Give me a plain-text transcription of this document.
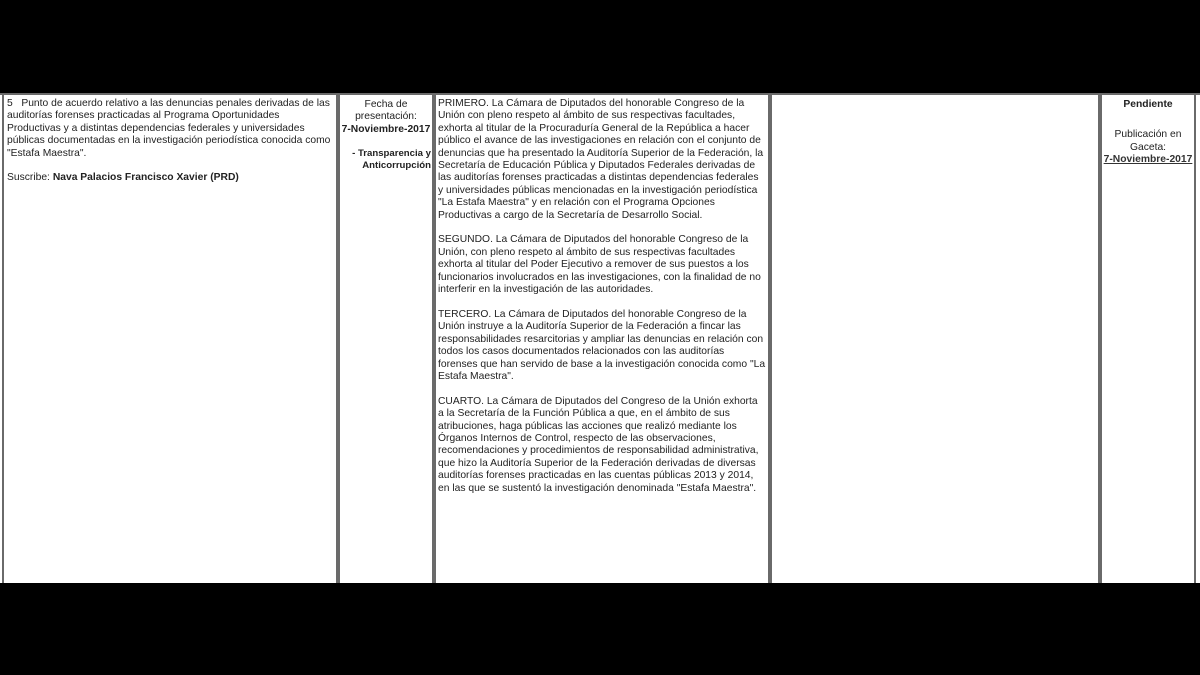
5 Punto de acuerdo relativo a las denuncias penales derivadas de las auditorías forenses practicadas al Programa Oportunidades Productivas y a distintas dependencias federales y universidades públicas documentadas en la investigación periodística conocida como "Estafa Maestra".
Suscribe: Nava Palacios Francisco Xavier (PRD)
Fecha de presentación:
7-Noviembre-2017
- Transparencia y Anticorrupción

PRIMERO. La Cámara de Diputados del honorable Congreso de la Unión con pleno respeto al ámbito de sus respectivas facultades, exhorta al titular de la Procuraduría General de la República a hacer público el avance de las investigaciones en relación con el conjunto de denuncias que ha presentado la Auditoría Superior de la Federación, la Secretaría de Educación Pública y Diputados Federales derivadas de las auditorías forenses practicadas a distintas dependencias federales y universidades públicas mencionadas en la investigación periodística "La Estafa Maestra" y en relación con el Programa Opciones Productivas a cargo de la Secretaría de Desarrollo Social.

SEGUNDO. La Cámara de Diputados del honorable Congreso de la Unión, con pleno respeto al ámbito de sus respectivas facultades exhorta al titular del Poder Ejecutivo a remover de sus puestos a los funcionarios involucrados en las investigaciones, con la finalidad de no interferir en la investigación de las autoridades.

TERCERO. La Cámara de Diputados del honorable Congreso de la Unión instruye a la Auditoría Superior de la Federación a fincar las responsabilidades resarcitorias y ampliar las denuncias en relación con todos los casos documentados relacionados con las auditorías forenses que han servido de base a la investigación conocida como "La Estafa Maestra".

CUARTO. La Cámara de Diputados del Congreso de la Unión exhorta a la Secretaría de la Función Pública a que, en el ámbito de sus atribuciones, haga públicas las acciones que realizó mediante los Órganos Internos de Control, respecto de las observaciones, recomendaciones y procedimientos de responsabilidad administrativa, que hizo la Auditoría Superior de la Federación derivadas de diversas auditorías forenses practicadas en las cuentas públicas 2013 y 2014, en las que se sustentó la investigación denominada "Estafa Maestra".

Pendiente
Publicación en Gaceta:
7-Noviembre-2017
